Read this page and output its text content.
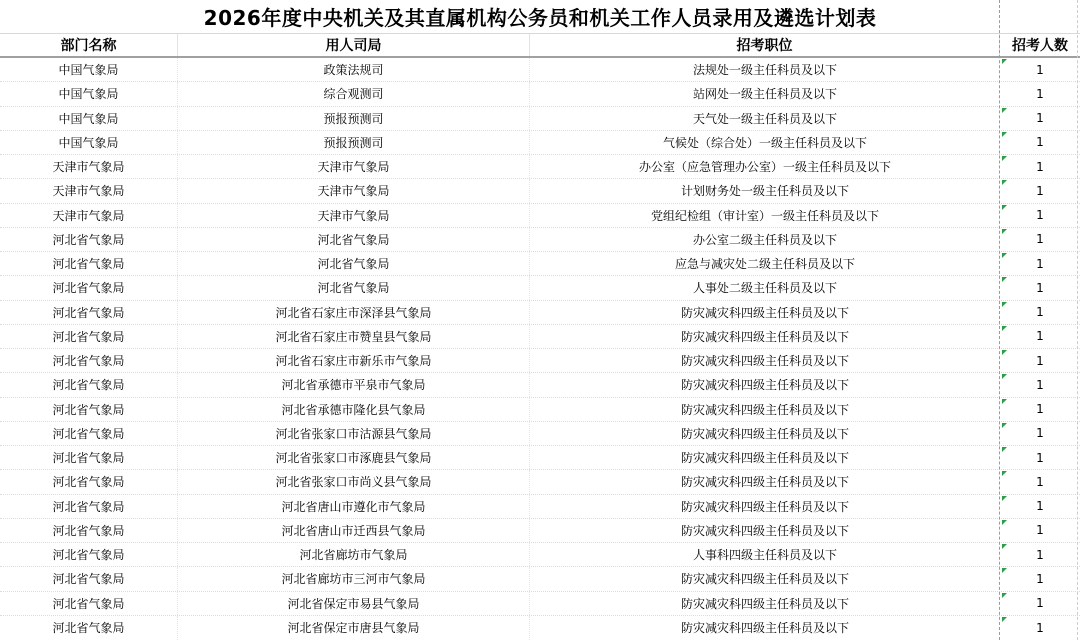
2026年度中央机关及其直属机构公务员和机关工作人员录用及遴选计划表
部门名称	用人司局	招考职位	招考人数
中国气象局	政策法规司	法规处一级主任科员及以下	1
中国气象局	综合观测司	站网处一级主任科员及以下	1
中国气象局	预报预测司	天气处一级主任科员及以下	1
中国气象局	预报预测司	气候处（综合处）一级主任科员及以下	1
天津市气象局	天津市气象局	办公室（应急管理办公室）一级主任科员及以下	1
天津市气象局	天津市气象局	计划财务处一级主任科员及以下	1
天津市气象局	天津市气象局	党组纪检组（审计室）一级主任科员及以下	1
河北省气象局	河北省气象局	办公室二级主任科员及以下	1
河北省气象局	河北省气象局	应急与减灾处二级主任科员及以下	1
河北省气象局	河北省气象局	人事处二级主任科员及以下	1
河北省气象局	河北省石家庄市深泽县气象局	防灾减灾科四级主任科员及以下	1
河北省气象局	河北省石家庄市赞皇县气象局	防灾减灾科四级主任科员及以下	1
河北省气象局	河北省石家庄市新乐市气象局	防灾减灾科四级主任科员及以下	1
河北省气象局	河北省承德市平泉市气象局	防灾减灾科四级主任科员及以下	1
河北省气象局	河北省承德市隆化县气象局	防灾减灾科四级主任科员及以下	1
河北省气象局	河北省张家口市沽源县气象局	防灾减灾科四级主任科员及以下	1
河北省气象局	河北省张家口市涿鹿县气象局	防灾减灾科四级主任科员及以下	1
河北省气象局	河北省张家口市尚义县气象局	防灾减灾科四级主任科员及以下	1
河北省气象局	河北省唐山市遵化市气象局	防灾减灾科四级主任科员及以下	1
河北省气象局	河北省唐山市迁西县气象局	防灾减灾科四级主任科员及以下	1
河北省气象局	河北省廊坊市气象局	人事科四级主任科员及以下	1
河北省气象局	河北省廊坊市三河市气象局	防灾减灾科四级主任科员及以下	1
河北省气象局	河北省保定市易县气象局	防灾减灾科四级主任科员及以下	1
河北省气象局	河北省保定市唐县气象局	防灾减灾科四级主任科员及以下	1
